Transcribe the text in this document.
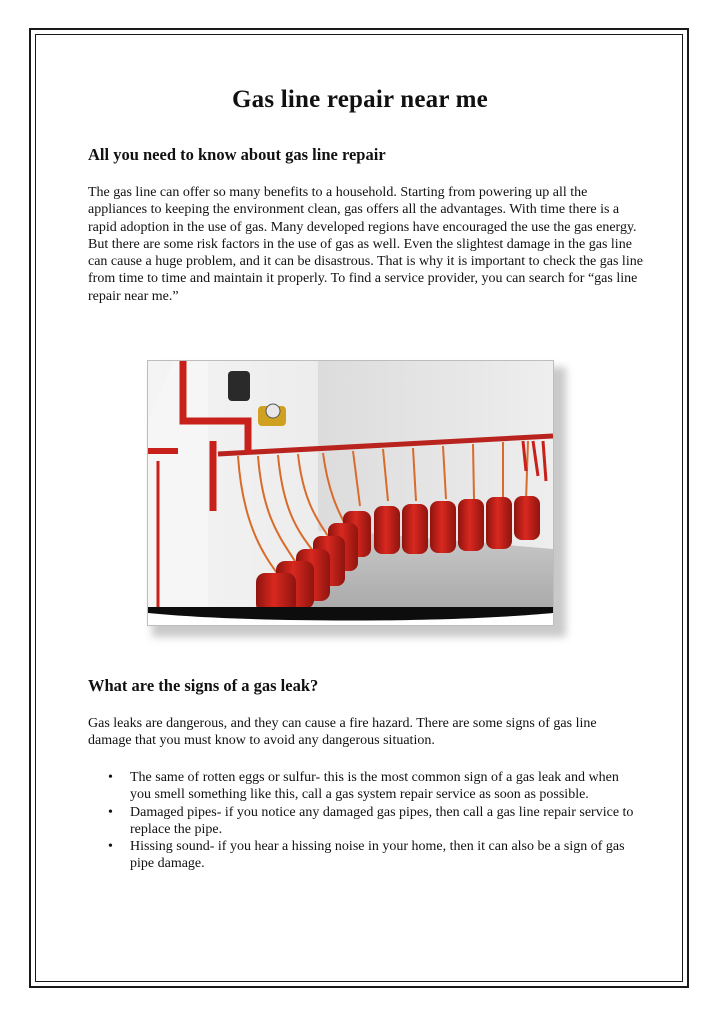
Gas line repair near me
All you need to know about gas line repair

The gas line can offer so many benefits to a household. Starting from powering up all the appliances to keeping the environment clean, gas offers all the advantages. With time there is a rapid adoption in the use of gas. Many developed regions have encouraged the use the gas energy. But there are some risk factors in the use of gas as well. Even the slightest damage in the gas line can cause a huge problem, and it can be disastrous. That is why it is important to check the gas line from time to time and maintain it properly. To find a service provider, you can search for “gas line repair near me.”

What are the signs of a gas leak?

Gas leaks are dangerous, and they can cause a fire hazard. There are some signs of gas line damage that you must know to avoid any dangerous situation.

• The same of rotten eggs or sulfur- this is the most common sign of a gas leak and when you smell something like this, call a gas system repair service as soon as possible.
• Damaged pipes- if you notice any damaged gas pipes, then call a gas line repair service to replace the pipe.
• Hissing sound- if you hear a hissing noise in your home, then it can also be a sign of gas pipe damage.
